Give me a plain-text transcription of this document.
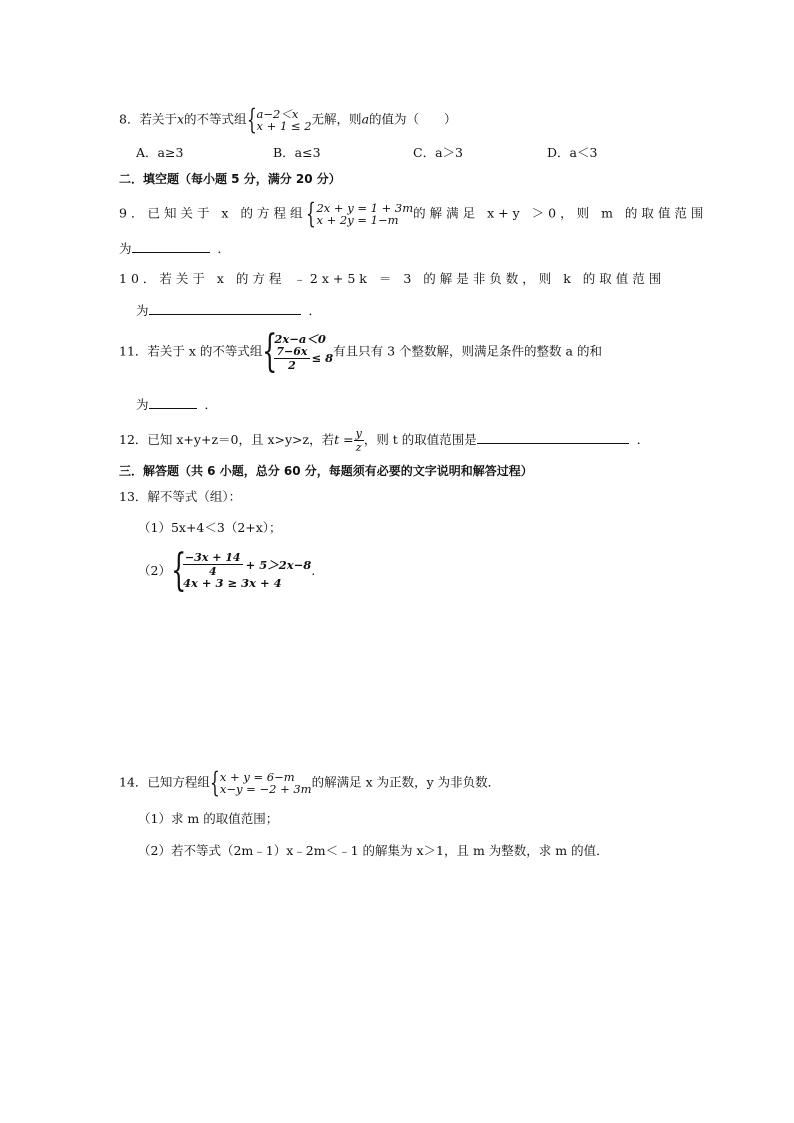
8．若关于x的不等式组 { a−2＜x
x + 1 ≤ 2 无解，则a的值为（　　）
A．a≥3	B．a≤3	C．a＞3	D．a＜3
二．填空题（每小题 5 分，满分 20 分）
9．已知关于 x 的方程组 { 2x + y = 1 + 3m
x + 2y = 1−m	的解满足 x+y ＞0，则 m 的取值范围
为	．
10．若关于 x 的方程 ﹣2x+5k ＝ 3 的解是非负数，则 k 的取值范围
为	．
11．若关于 x 的不等式组 {
2x−a＜0
$\frac{7-6x}{2} \le 8$ 有且只有 3 个整数解，则满足条件的整数 a 的和
为	．
12．已知 x+y+z＝0，且 x>y>z，若$t = \frac{y}{z}$ ，则 t 的取值范围是	．
三．解答题（共 6 小题，总分 60 分，每题须有必要的文字说明和解答过程）
13．解不等式（组）：
（1）5x+4＜3（2+x）；
（2） {
$\frac{-3x + 14}{4} + 5>2x-8$
4x + 3 ≥ 3x + 4
.
14．已知方程组 { x + y = 6−m
x−y = −2 + 3m 的解满足 x 为正数，y 为非负数．
（1）求 m 的取值范围；
（2）若不等式（2m﹣1）x﹣2m＜﹣1 的解集为 x＞1，且 m 为整数，求 m 的值．
